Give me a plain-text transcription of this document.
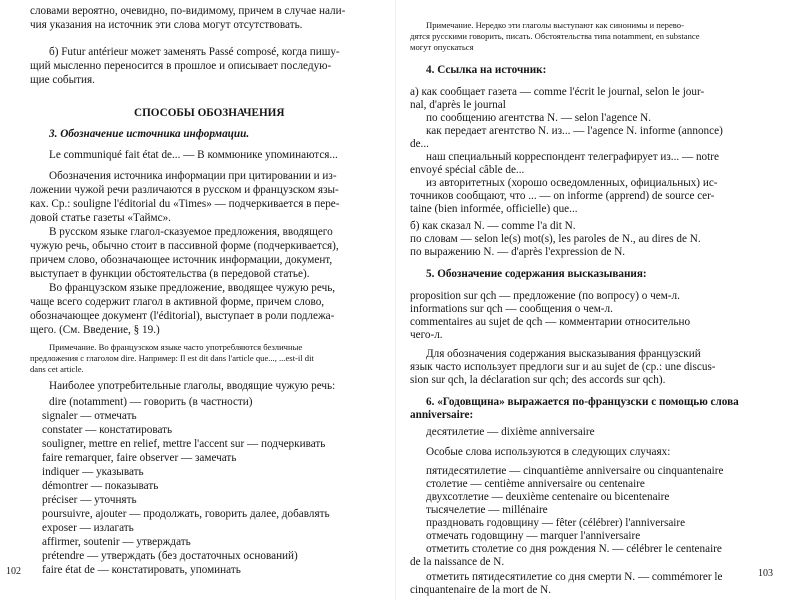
словами вероятно, очевидно, по-видимому, причем в случае нали-
чия указания на источник эти слова могут отсутствовать.
б) Futur antérieur может заменять Passé composé, когда пишу-
щий мысленно переносится в прошлое и описывает последую-
щие события.
СПОСОБЫ ОБОЗНАЧЕНИЯ
3. Обозначение источника информации.
Le communiqué fait état de... — В коммюнике упоминаются...
Обозначения источника информации при цитировании и из-
ложении чужой речи различаются в русском и французском язы-
ках. Ср.: souligne l'éditorial du «Times» — подчеркивается в пере-
довой статье газеты «Таймс».
В русском языке глагол-сказуемое предложения, вводящего
чужую речь, обычно стоит в пассивной форме (подчеркивается),
причем слово, обозначающее источник информации, документ,
выступает в функции обстоятельства (в передовой статье).
Во французском языке предложение, вводящее чужую речь,
чаще всего содержит глагол в активной форме, причем слово,
обозначающее документ (l'éditorial), выступает в роли подлежа-
щего. (См. Введение, § 19.)
Примечание. Во французском языке часто употребляются безличные
предложения с глаголом dire. Например: Il est dit dans l'article que..., ...est-il dit
dans cet article.
Наиболее употребительные глаголы, вводящие чужую речь:
dire (notamment) — говорить (в частности)
signaler — отмечать
constater — констатировать
souligner, mettre en relief, mettre l'accent sur — подчеркивать
faire remarquer, faire observer — замечать
indiquer — указывать
démontrer — показывать
préciser — уточнять
poursuivre, ajouter — продолжать, говорить далее, добавлять
exposer — излагать
affirmer, soutenir — утверждать
prétendre — утверждать (без достаточных оснований)
faire état de — констатировать, упоминать
102
Примечание. Нередко эти глаголы выступают как синонимы и перево-
дятся русскими говорить, писать. Обстоятельства типа notamment, en substance
могут опускаться
4. Ссылка на источник:
а) как сообщает газета — comme l'écrit le journal, selon le jour-
nal, d'après le journal
по сообщению агентства N. — selon l'agence N.
как передает агентство N. из... — l'agence N. informe (annonce)
de...
наш специальный корреспондент телеграфирует из... — notre
envoyé spécial câble de...
из авторитетных (хорошо осведомленных, официальных) ис-
точников сообщают, что ... — on informe (apprend) de source cer-
taine (bien informée, officielle) que...
б) как сказал N. — comme l'a dit N.
по словам — selon le(s) mot(s), les paroles de N., au dires de N.
по выражению N. — d'après l'expression de N.
5. Обозначение содержания высказывания:
proposition sur qch — предложение (по вопросу) о чем-л.
informations sur qch — сообщения о чем-л.
commentaires au sujet de qch — комментарии относительно
чего-л.
Для обозначения содержания высказывания французский
язык часто использует предлоги sur и au sujet de (ср.: une discus-
sion sur qch, la déclaration sur qch; des accords sur qch).
6. «Годовщина» выражается по-французски с помощью слова
anniversaire:
десятилетие — dixième anniversaire
Особые слова используются в следующих случаях:
пятидесятилетие — cinquantième anniversaire ou cinquantenaire
столетие — centième anniversaire ou centenaire
двухсотлетие — deuxième centenaire ou bicentenaire
тысячелетие — millénaire
праздновать годовщину — fêter (célébrer) l'anniversaire
отмечать годовщину — marquer l'anniversaire
отметить столетие со дня рождения N. — célébrer le centenaire
de la naissance de N.
отметить пятидесятилетие со дня смерти N. — commémorer le
cinquantenaire de la mort de N.
103
